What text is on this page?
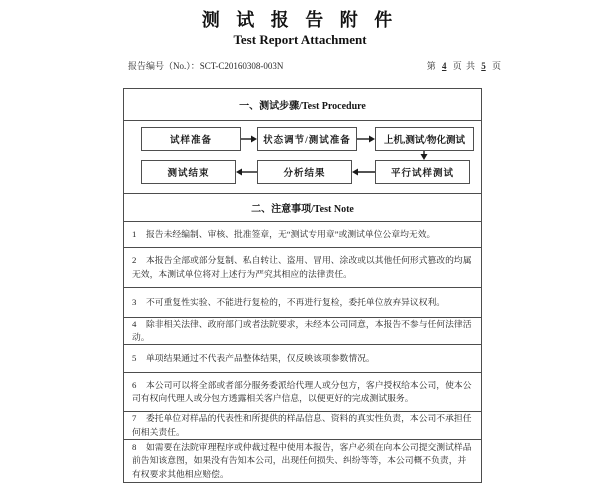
测 试 报 告 附 件
Test Report Attachment
报告编号（No.）：SCT-C20160308-003N	第 4 页 共 5 页
一、测试步骤/Test Procedure
试样准备	状态调节/测试准备	上机,测试/物化测试
平行试样测试
分析结果
测试结束
二、注意事项/Test Note
1 报告未经编制、审核、批准签章，无“测试专用章”或测试单位公章均无效。
2 本报告全部或部分复制、私自转让、盗用、冒用、涂改或以其他任何形式篡改的均属无效，本测试单位将对上述行为严究其相应的法律责任。
3 不可重复性实验、不能进行复检的，不再进行复检，委托单位放弃异议权利。
4 除非相关法律、政府部门或者法院要求，未经本公司同意，本报告不参与任何法律活动。
5 单项结果通过不代表产品整体结果，仅反映该项参数情况。
6 本公司可以将全部或者部分服务委派给代理人或分包方，客户授权给本公司，使本公司有权向代理人或分包方透露相关客户信息，以便更好的完成测试服务。
7 委托单位对样品的代表性和所提供的样品信息、资料的真实性负责，本公司不承担任何相关责任。
8 如需要在法院审理程序或仲裁过程中使用本报告，客户必须在向本公司提交测试样品前告知该意图，如果没有告知本公司，出现任何损失、纠纷等等，本公司概不负责，并有权要求其他相应赔偿。
